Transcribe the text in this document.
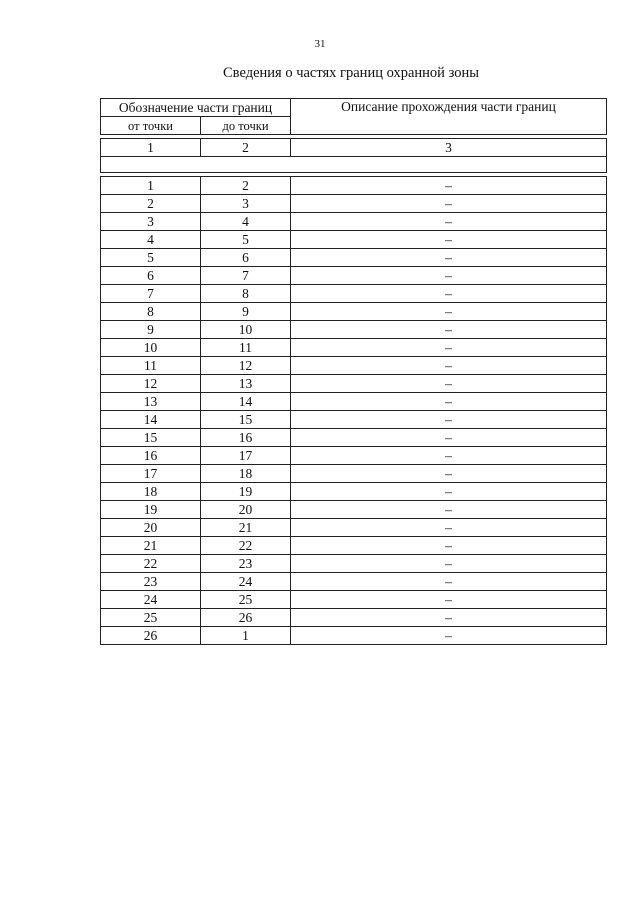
31
Сведения о частях границ охранной зоны
Обозначение части границ		Описание прохождения части границ
от точки	до точки	

1	2	3

1	2	–
2	3	–
3	4	–
4	5	–
5	6	–
6	7	–
7	8	–
8	9	–
9	10	–
10	11	–
11	12	–
12	13	–
13	14	–
14	15	–
15	16	–
16	17	–
17	18	–
18	19	–
19	20	–
20	21	–
21	22	–
22	23	–
23	24	–
24	25	–
25	26	–
26	1	–
